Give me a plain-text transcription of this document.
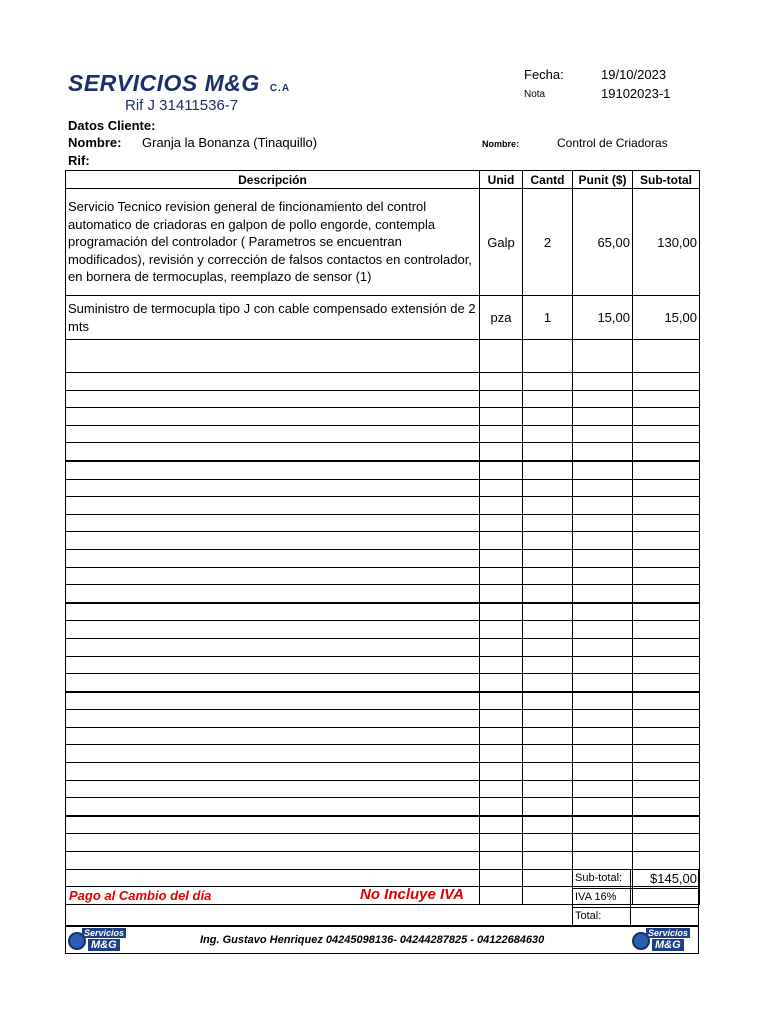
SERVICIOS M&G C.A
Rif J 31411536-7
Fecha:	19/10/2023
Nota	19102023-1
Datos Cliente:
Nombre: Granja la Bonanza (Tinaquillo)
Rif:
Nombre:	Control de Criadoras
Descripción	Unid	Cantd	Punit ($)	Sub-total
Servicio Tecnico revision general de fincionamiento del control automatico de criadoras en galpon de pollo engorde, contempla programación del controlador ( Parametros se encuentran modificados), revisión y corrección de falsos contactos en controlador, en bornera de termocuplas, reemplazo de sensor (1)	Galp	2	65,00	130,00
Suministro de termocupla tipo J con cable compensado extensión de 2 mts	pza	1	15,00	15,00

Pago al Cambio del día	No Incluye IVA
Sub-total:	$145,00
IVA 16%
Total:
Servicios
M&G	Ing. Gustavo Henriquez 04245098136- 04244287825 - 04122684630
Servicios
M&G
